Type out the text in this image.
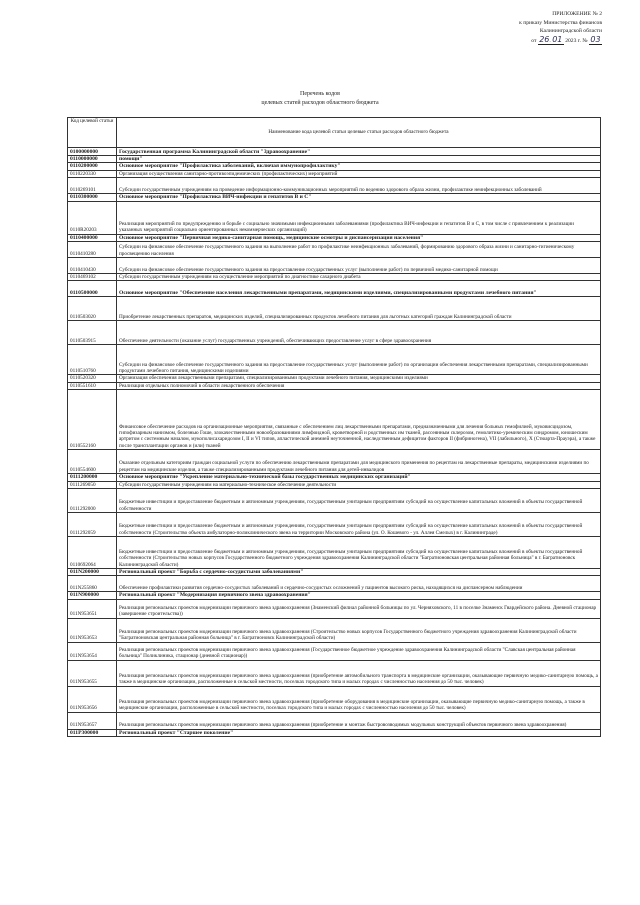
ПРИЛОЖЕНИЕ № 2
к приказу Министерства финансов
Калининградской области
от 26. 01 2023 г. № 03
Перечень кодов
целевых статей расходов областного бюджета
Код целевой статьи	Наименование кода целевой статьи целевые статьи расходов областного бюджета
0100000000	Государственная программа Калининградской области "Здравоохранение"
0110000000	помощи"
0110200000	Основное мероприятие "Профилактика заболеваний, включая иммунопрофилактику"
0110220330	Организация осуществления санитарно-противоэпидемических (профилактических) мероприятий
0110269101	Субсидии государственным учреждениям на проведение информационно-коммуникационных мероприятий по ведению здорового образа жизни, профилактике неинфекционных заболеваний
0110300000	Основное мероприятие "Профилактика ВИЧ-инфекции и гепатитов В и С"
0110R20203	Реализация мероприятий по предупреждению и борьбе с социально значимыми инфекционными заболеваниями (профилактика ВИЧ-инфекции и гепатитов В и С, в том числе с привлечением к реализации указанных мероприятий социально ориентированных некоммерческих организаций)
0110400000	Основное мероприятие "Первичная медико-санитарная помощь, медицинские осмотры и диспансеризация населения"
0110410280	Субсидии на финансовое обеспечение государственного задания на выполнение работ по профилактике неинфекционных заболеваний, формированию здорового образа жизни и санитарно-гигиеническому просвещению населения
0110410430	Субсидии на финансовое обеспечение государственного задания на предоставление государственных услуг (выполнение работ) по первичной медико-санитарной помощи
0110469102	Субсидии государственным учреждениям на осуществление мероприятий по диагностике сахарного диабета
0110500000	Основное мероприятие "Обеспечение населения лекарственными препаратами, медицинскими изделиями, специализированными продуктами лечебного питания"
0110503020	Приобретение лекарственных препаратов, медицинских изделий, специализированных продуктов лечебного питания для льготных категорий граждан Калининградской области
0110503915	Обеспечение деятельности (оказание услуг) государственных учреждений, обеспечивающих предоставление услуг в сфере здравоохранения
0110510760	Субсидии на финансовое обеспечение государственного задания на предоставление государственных услуг (выполнение работ) по организации обеспечения лекарственными препаратами, специализированными продуктами лечебного питания, медицинскими изделиями
0110520320	Организация обеспечения лекарственными препаратами, специализированными продуктами лечебного питания, медицинскими изделиями
0110551610	Реализация отдельных полномочий в области лекарственного обеспечения
0110552160	Финансовое обеспечение расходов на организационные мероприятия, связанные с обеспечением лиц лекарственными препаратами, предназначенными для лечения больных гемофилией, муковисцидозом, гипофизарным нанизмом, болезнью Гоше, злокачественными новообразованиями лимфоидной, кроветворной и родственных им тканей, рассеянным склерозом, гемолитико-уремическим синдромом, юношеским артритом с системным началом, мукополисахаридозом I, II и VI типов, апластической анемией неуточненной, наследственным дефицитом факторов II (фибриногена), VII (лабильного), X (Стюарта-Прауэра), а также после трансплантации органов и (или) тканей
0110554600	Оказание отдельным категориям граждан социальной услуги по обеспечению лекарственными препаратами для медицинского применения по рецептам на лекарственные препараты, медицинскими изделиями по рецептам на медицинские изделия, а также специализированными продуктами лечебного питания для детей-инвалидов
0111200000	Основное мероприятие "Укрепление материально-технической базы государственных медицинских организаций"
0111269050	Субсидии государственным учреждениям на материально-техническое обеспечение деятельности
0111292000	Бюджетные инвестиции и предоставление бюджетным и автономным учреждениям, государственным унитарным предприятиям субсидий на осуществление капитальных вложений в объекты государственной собственности
0111292059	Бюджетные инвестиции и предоставление бюджетным и автономным учреждениям, государственным унитарным предприятиям субсидий на осуществление капитальных вложений в объекты государственной собственности (Строительство объекта амбулаторно-поликлинического звена на территории Московского района (ул. О. Кошевого - ул. Аллея Смелых) в г. Калининграде)
0110692064	Бюджетные инвестиции и предоставление бюджетным и автономным учреждениям, государственным унитарным предприятиям субсидий на осуществление капитальных вложений в объекты государственной собственности (Строительство новых корпусов Государственного бюджетного учреждения здравоохранения Калининградской области "Багратионовская центральная районная больница" в г. Багратионовск Калининградской области)
011N200000	Региональный проект "Борьба с сердечно-сосудистыми заболеваниями"
011N255860	Обеспечение профилактики развития сердечно-сосудистых заболеваний и сердечно-сосудистых осложнений у пациентов высокого риска, находящихся на диспансерном наблюдении
011N900000	Региональный проект "Модернизация первичного звена здравоохранения"
011N953651	Реализация региональных проектов модернизации первичного звена здравоохранения (Знаменский филиал районной больницы по ул. Черняховского, 11 в поселке Знаменск Гвардейского района. Дневной стационар (завершение строительства))
011N953653	Реализация региональных проектов модернизации первичного звена здравоохранения (Строительство новых корпусов Государственного бюджетного учреждения здравоохранения Калининградской области "Багратионовская центральная районная больница" в г. Багратионовск Калининградской области)
011N953654	Реализация региональных проектов модернизации первичного звена здравоохранения (Государственное бюджетное учреждение здравоохранения Калининградской области "Славская центральная районная больница" Поликлиника, стационар (дневной стационар))
011N953655	Реализация региональных проектов модернизации первичного звена здравоохранения (приобретение автомобильного транспорта в медицинские организации, оказывающие первичную медико-санитарную помощь, а также в медицинские организации, расположенные в сельской местности, поселках городского типа и малых городах с численностью населения до 50 тыс. человек)
011N953656	Реализация региональных проектов модернизации первичного звена здравоохранения (приобретение оборудования в медицинские организации, оказывающие первичную медико-санитарную помощь, а также в медицинские организации, расположенные в сельской местности, поселках городского типа и малых городах с численностью населения до 50 тыс. человек)
011N953657	Реализация региональных проектов модернизации первичного звена здравоохранения (приобретение и монтаж быстровозводимых модульных конструкций объектов первичного звена здравоохранения)
011P300000	Региональный проект "Старшее поколение"
